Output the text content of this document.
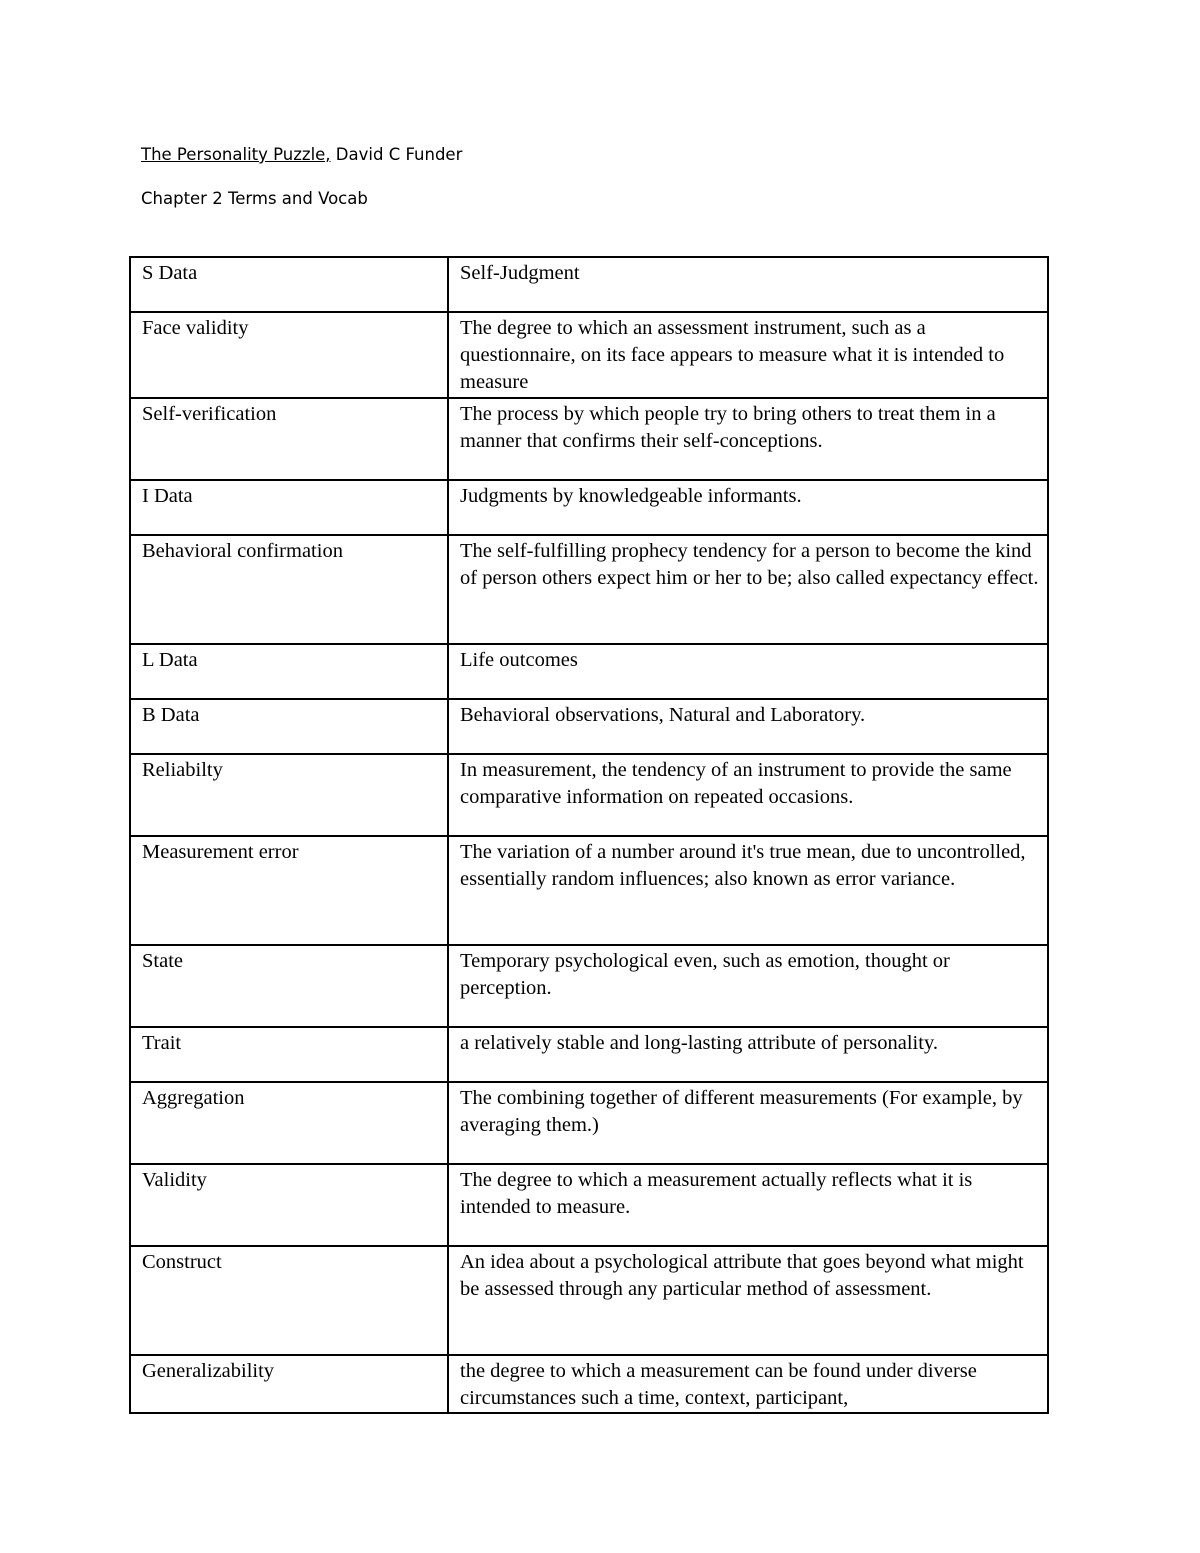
The Personality Puzzle, David C Funder
Chapter 2 Terms and Vocab
S Data	Self-Judgment
Face validity	The degree to which an assessment instrument, such as a questionnaire, on its face appears to measure what it is intended to measure
Self-verification	The process by which people try to bring others to treat them in a manner that confirms their self-conceptions.
I Data	Judgments by knowledgeable informants.
Behavioral confirmation	The self-fulfilling prophecy tendency for a person to become the kind of person others expect him or her to be; also called expectancy effect.
L Data	Life outcomes
B Data	Behavioral observations, Natural and Laboratory.
Reliabilty	In measurement, the tendency of an instrument to provide the same comparative information on repeated occasions.
Measurement error	The variation of a number around it's true mean, due to uncontrolled, essentially random influences; also known as error variance.
State	Temporary psychological even, such as emotion, thought or perception.
Trait	a relatively stable and long-lasting attribute of personality.
Aggregation	The combining together of different measurements (For example, by averaging them.)
Validity	The degree to which a measurement actually reflects what it is intended to measure.
Construct	An idea about a psychological attribute that goes beyond what might be assessed through any particular method of assessment.
Generalizability	the degree to which a measurement can be found under diverse circumstances such a time, context, participant,
